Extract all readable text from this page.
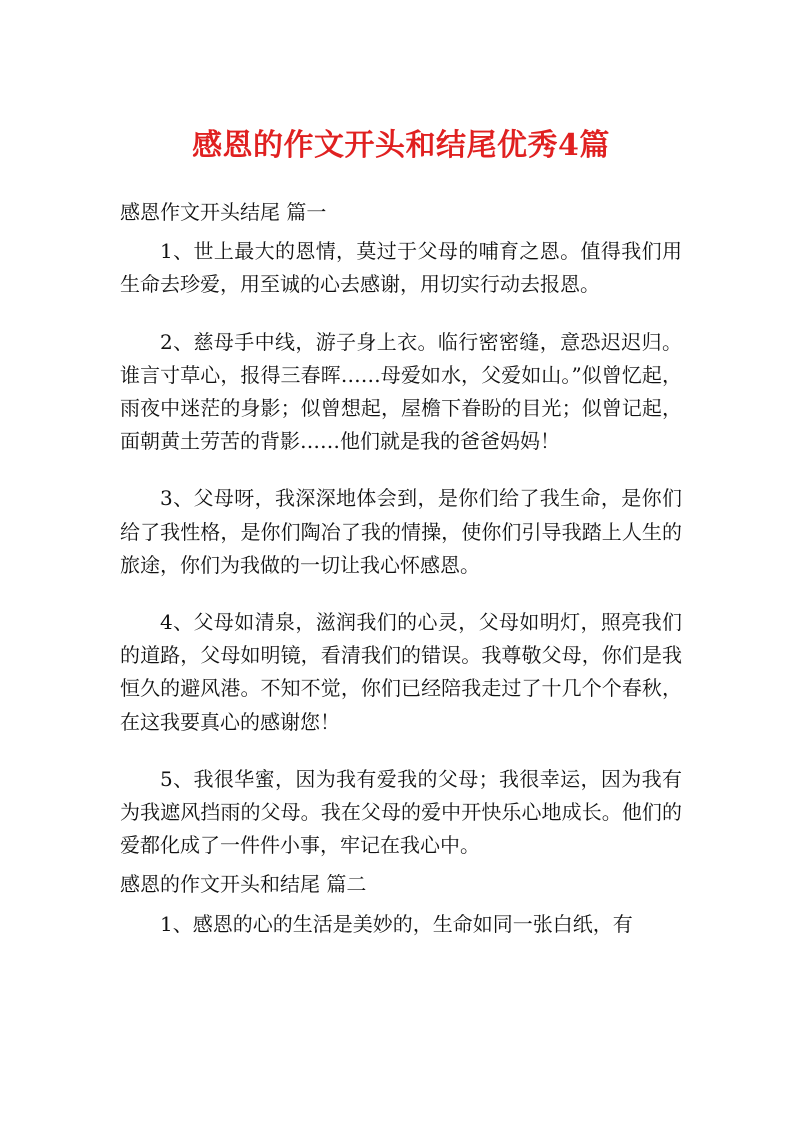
感恩的作文开头和结尾优秀4篇
感恩作文开头结尾 篇一

1、世上最大的恩情，莫过于父母的哺育之恩。值得我们用生命去珍爱，用至诚的心去感谢，用切实行动去报恩。

2、慈母手中线，游子身上衣。临行密密缝，意恐迟迟归。谁言寸草心，报得三春晖……母爱如水，父爱如山。”似曾忆起，雨夜中迷茫的身影；似曾想起，屋檐下眷盼的目光；似曾记起，面朝黄土劳苦的背影……他们就是我的爸爸妈妈！

3、父母呀，我深深地体会到，是你们给了我生命，是你们给了我性格，是你们陶冶了我的情操，使你们引导我踏上人生的旅途，你们为我做的一切让我心怀感恩。

4、父母如清泉，滋润我们的心灵，父母如明灯，照亮我们的道路，父母如明镜，看清我们的错误。我尊敬父母，你们是我恒久的避风港。不知不觉，你们已经陪我走过了十几个个春秋，在这我要真心的感谢您！

5、我很华蜜，因为我有爱我的父母；我很幸运，因为我有为我遮风挡雨的父母。我在父母的爱中开快乐心地成长。他们的爱都化成了一件件小事，牢记在我心中。

感恩的作文开头和结尾 篇二

1、感恩的心的生活是美妙的，生命如同一张白纸，有
